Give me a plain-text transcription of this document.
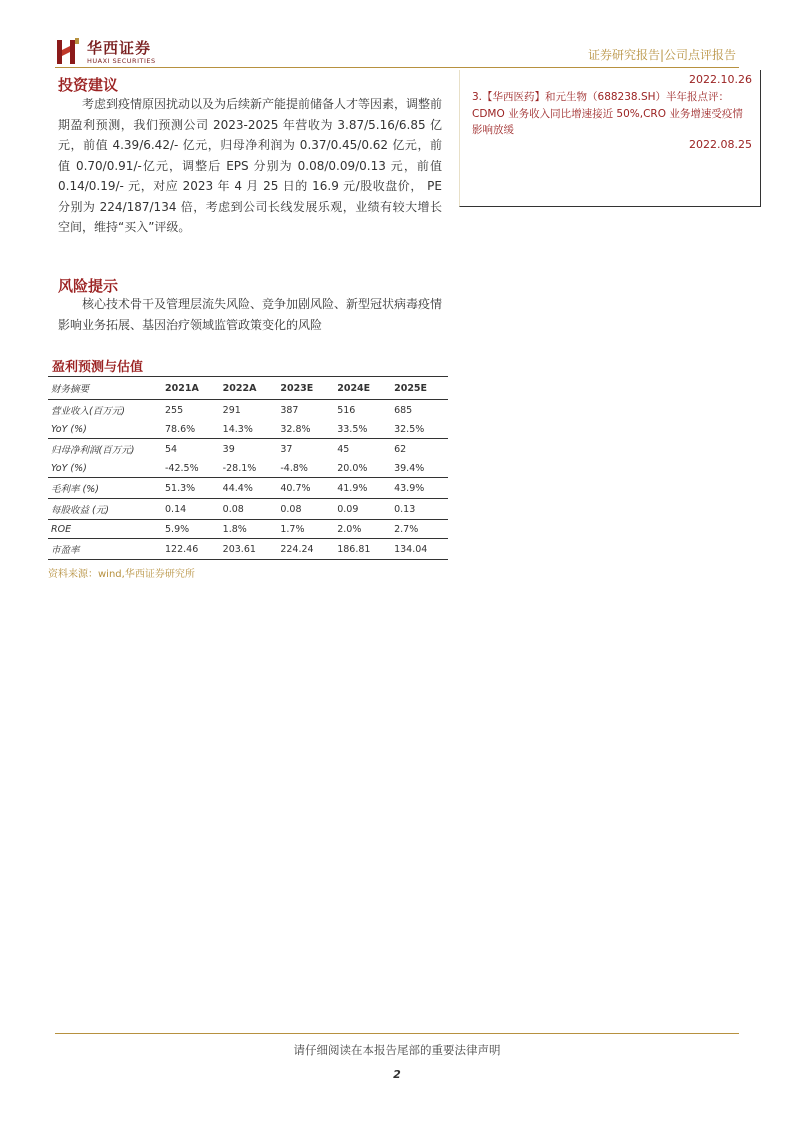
华西证券
HUAXI SECURITIES	证券研究报告|公司点评报告
投资建议
考虑到疫情原因扰动以及为后续新产能提前储备人才等因素，调整前期盈利预测，我们预测公司 2023-2025 年营收为 3.87/5.16/6.85 亿元，前值 4.39/6.42/- 亿元，归母净利润为 0.37/0.45/0.62 亿元，前值 0.70/0.91/-亿元，调整后 EPS 分别为 0.08/0.09/0.13 元，前值 0.14/0.19/- 元，对应 2023 年 4 月 25 日的 16.9 元/股收盘价， PE 分别为 224/187/134 倍，考虑到公司长线发展乐观，业绩有较大增长空间，维持“买入”评级。
风险提示
核心技术骨干及管理层流失风险、竞争加剧风险、新型冠状病毒疫情影响业务拓展、基因治疗领域监管政策变化的风险
2022.10.26
3.【华西医药】和元生物（688238.SH）半年报点评：CDMO 业务收入同比增速接近 50%,CRO 业务增速受疫情影响放缓
2022.08.25
盈利预测与估值
财务摘要	2021A	2022A	2023E	2024E	2025E
营业收入(百万元)	255	291	387	516	685
YoY (%)	78.6%	14.3%	32.8%	33.5%	32.5%
归母净利润(百万元)	54	39	37	45	62
YoY (%)	-42.5%	-28.1%	-4.8%	20.0%	39.4%
毛利率 (%)	51.3%	44.4%	40.7%	41.9%	43.9%
每股收益 (元)	0.14	0.08	0.08	0.09	0.13
ROE	5.9%	1.8%	1.7%	2.0%	2.7%
市盈率	122.46	203.61	224.24	186.81	134.04
资料来源：wind,华西证券研究所
请仔细阅读在本报告尾部的重要法律声明
2
